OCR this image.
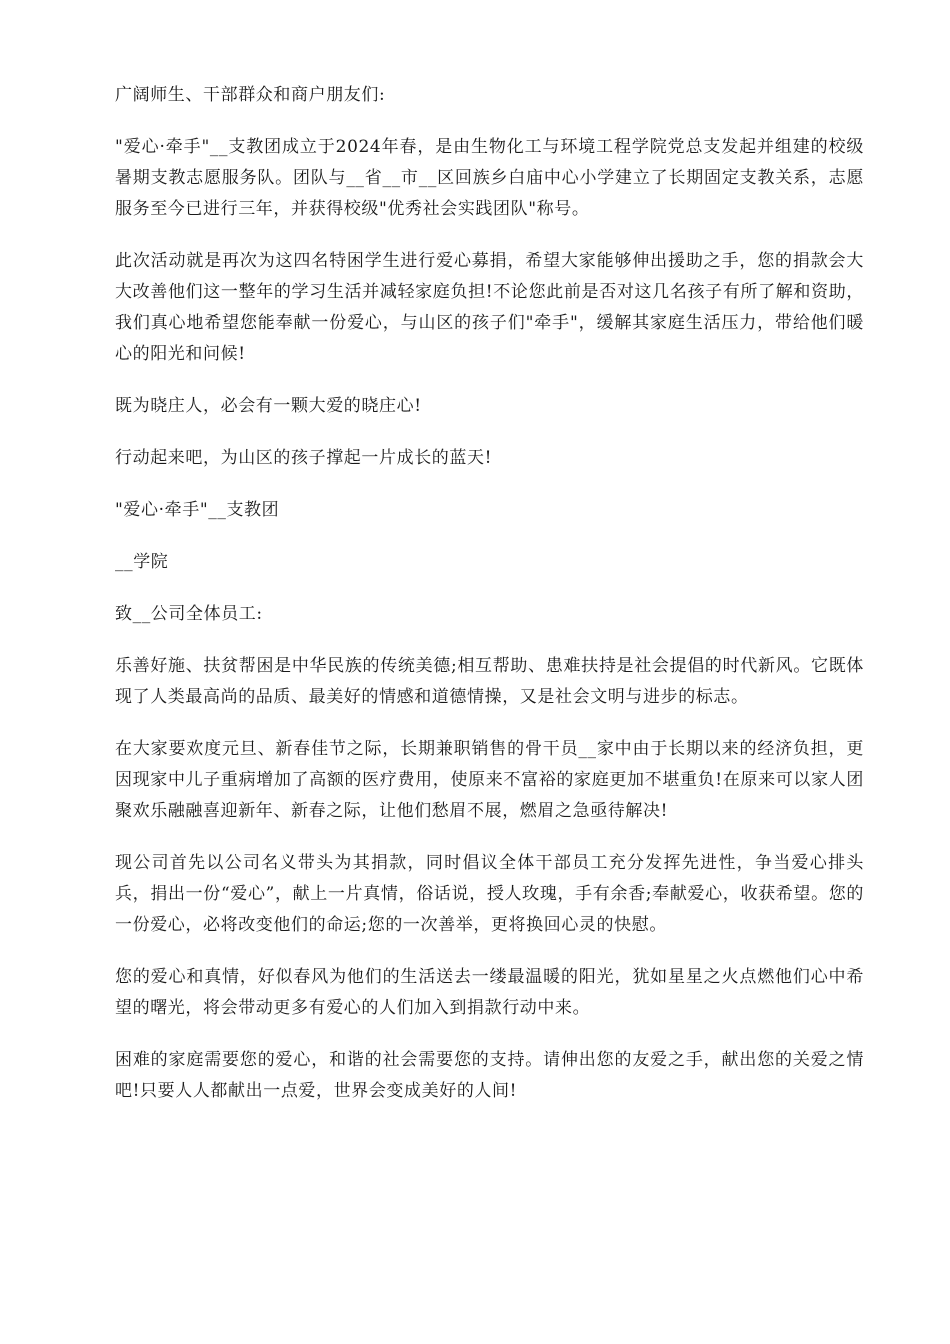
广阔师生、干部群众和商户朋友们:

"爱心·牵手"__支教团成立于2024年春，是由生物化工与环境工程学院党总支发起并组建的校级暑期支教志愿服务队。团队与__省__市__区回族乡白庙中心小学建立了长期固定支教关系，志愿服务至今已进行三年，并获得校级"优秀社会实践团队"称号。

此次活动就是再次为这四名特困学生进行爱心募捐，希望大家能够伸出援助之手，您的捐款会大大改善他们这一整年的学习生活并减轻家庭负担!不论您此前是否对这几名孩子有所了解和资助，我们真心地希望您能奉献一份爱心，与山区的孩子们"牵手"，缓解其家庭生活压力，带给他们暖心的阳光和问候!

既为晓庄人，必会有一颗大爱的晓庄心!

行动起来吧，为山区的孩子撑起一片成长的蓝天!

"爱心·牵手"__支教团

__学院

致__公司全体员工:

乐善好施、扶贫帮困是中华民族的传统美德;相互帮助、患难扶持是社会提倡的时代新风。它既体现了人类最高尚的品质、最美好的情感和道德情操，又是社会文明与进步的标志。

在大家要欢度元旦、新春佳节之际，长期兼职销售的骨干员__家中由于长期以来的经济负担，更因现家中儿子重病增加了高额的医疗费用，使原来不富裕的家庭更加不堪重负!在原来可以家人团聚欢乐融融喜迎新年、新春之际，让他们愁眉不展，燃眉之急亟待解决!

现公司首先以公司名义带头为其捐款，同时倡议全体干部员工充分发挥先进性，争当爱心排头兵，捐出一份“爱心”，献上一片真情，俗话说，授人玫瑰，手有余香;奉献爱心，收获希望。您的一份爱心，必将改变他们的命运;您的一次善举，更将换回心灵的快慰。

您的爱心和真情，好似春风为他们的生活送去一缕最温暖的阳光，犹如星星之火点燃他们心中希望的曙光，将会带动更多有爱心的人们加入到捐款行动中来。

困难的家庭需要您的爱心，和谐的社会需要您的支持。请伸出您的友爱之手，献出您的关爱之情吧!只要人人都献出一点爱，世界会变成美好的人间!
